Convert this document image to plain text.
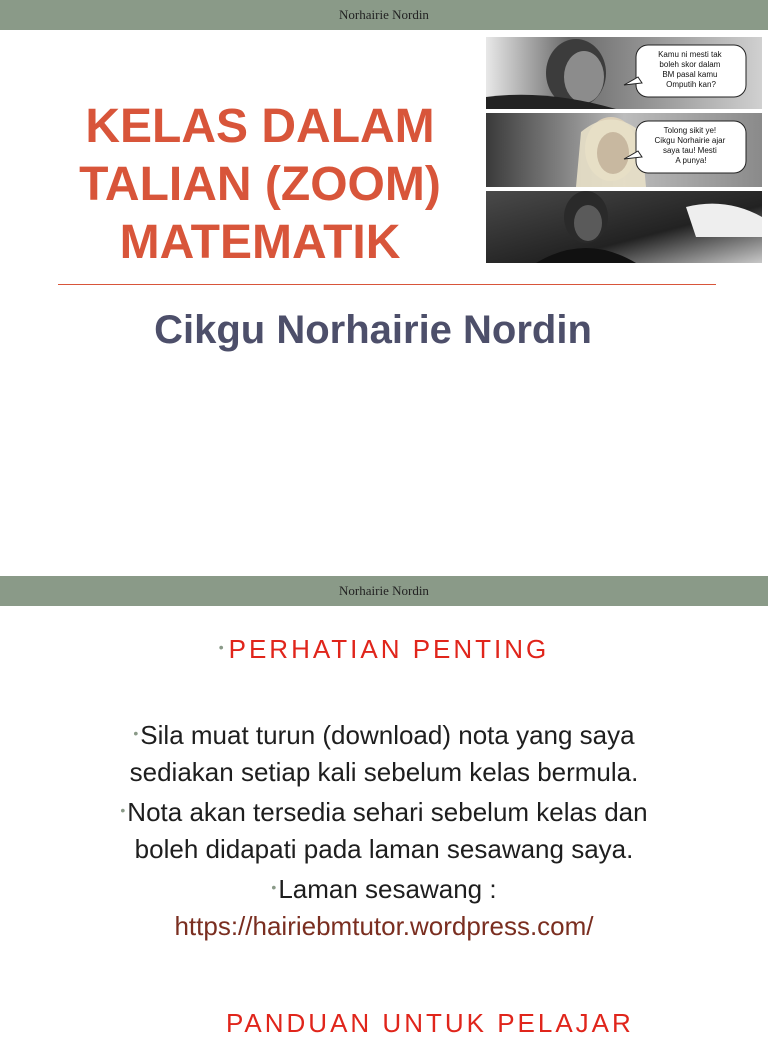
Norhairie Nordin
KELAS DALAM
TALIAN (ZOOM)
MATEMATIK
Kamu ni mesti tak boleh skor dalam BM pasal kamu Omputih kan?
Tolong sikit ye! Cikgu Norhairie ajar saya tau! Mesti A punya!
Cikgu Norhairie Nordin
Norhairie Nordin
•PERHATIAN PENTING
•Sila muat turun (download) nota yang saya
sediakan setiap kali sebelum kelas bermula.
•Nota akan tersedia sehari sebelum kelas dan
boleh didapati pada laman sesawang saya.
•Laman sesawang :
https://hairiebmtutor.wordpress.com/
PANDUAN UNTUK PELAJAR
